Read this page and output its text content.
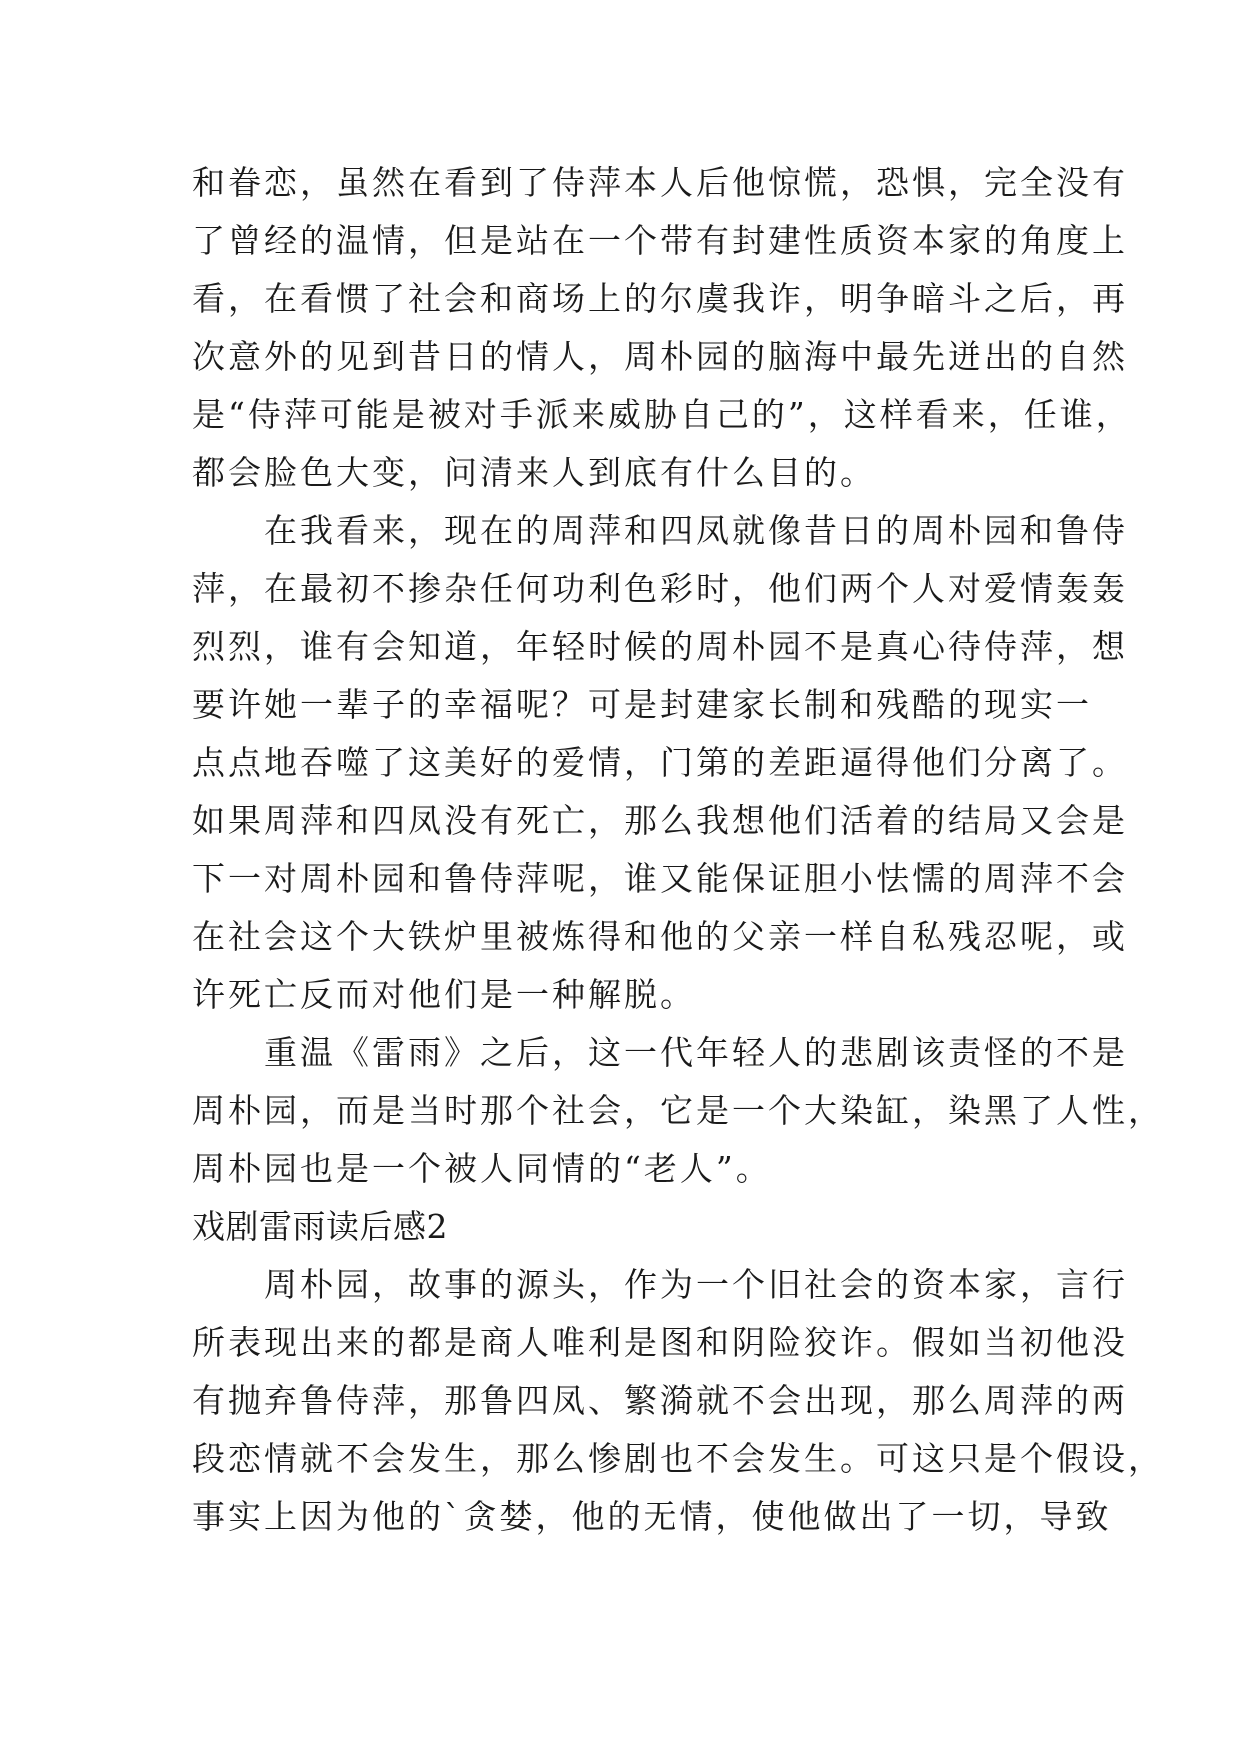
和眷恋，虽然在看到了侍萍本人后他惊慌，恐惧，完全没有
了曾经的温情，但是站在一个带有封建性质资本家的角度上
看，在看惯了社会和商场上的尔虞我诈，明争暗斗之后，再
次意外的见到昔日的情人，周朴园的脑海中最先迸出的自然
是“侍萍可能是被对手派来威胁自己的”，这样看来，任谁，
都会脸色大变，问清来人到底有什么目的。
　　在我看来，现在的周萍和四凤就像昔日的周朴园和鲁侍
萍，在最初不掺杂任何功利色彩时，他们两个人对爱情轰轰
烈烈，谁有会知道，年轻时候的周朴园不是真心待侍萍，想
要许她一辈子的幸福呢？可是封建家长制和残酷的现实一
点点地吞噬了这美好的爱情，门第的差距逼得他们分离了。
如果周萍和四凤没有死亡，那么我想他们活着的结局又会是
下一对周朴园和鲁侍萍呢，谁又能保证胆小怯懦的周萍不会
在社会这个大铁炉里被炼得和他的父亲一样自私残忍呢，或
许死亡反而对他们是一种解脱。
　　重温《雷雨》之后，这一代年轻人的悲剧该责怪的不是
周朴园，而是当时那个社会，它是一个大染缸，染黑了人性，
周朴园也是一个被人同情的“老人”。
戏剧雷雨读后感2
　　周朴园，故事的源头，作为一个旧社会的资本家，言行
所表现出来的都是商人唯利是图和阴险狡诈。假如当初他没
有抛弃鲁侍萍，那鲁四凤、繁漪就不会出现，那么周萍的两
段恋情就不会发生，那么惨剧也不会发生。可这只是个假设，
事实上因为他的`贪婪，他的无情，使他做出了一切，导致
